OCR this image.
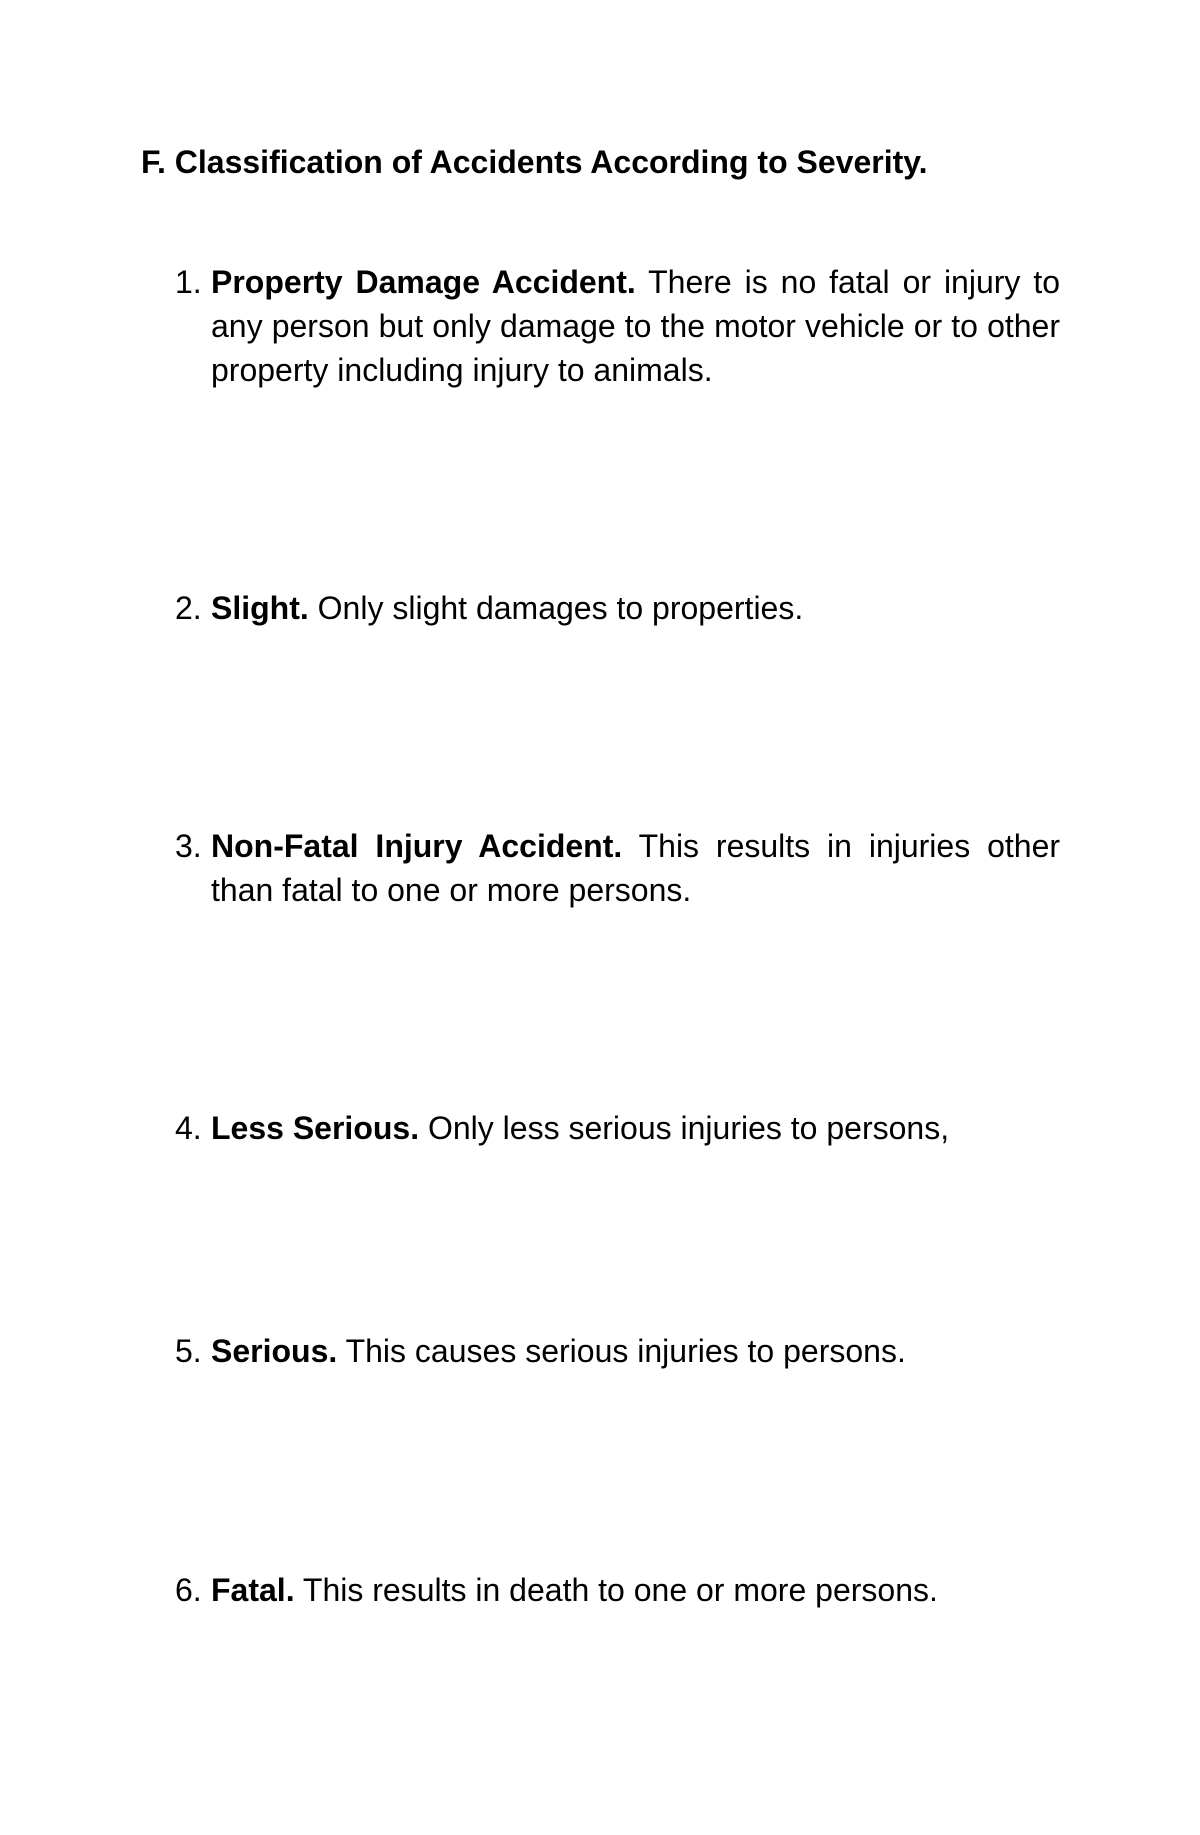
F. Classification of Accidents According to Severity.
1. Property Damage Accident. There is no fatal or injury to any person but only damage to the motor vehicle or to other property including injury to animals.
2. Slight. Only slight damages to properties.
3. Non-Fatal Injury Accident. This results in injuries other than fatal to one or more persons.
4. Less Serious. Only less serious injuries to persons,
5. Serious. This causes serious injuries to persons.
6. Fatal. This results in death to one or more persons.
